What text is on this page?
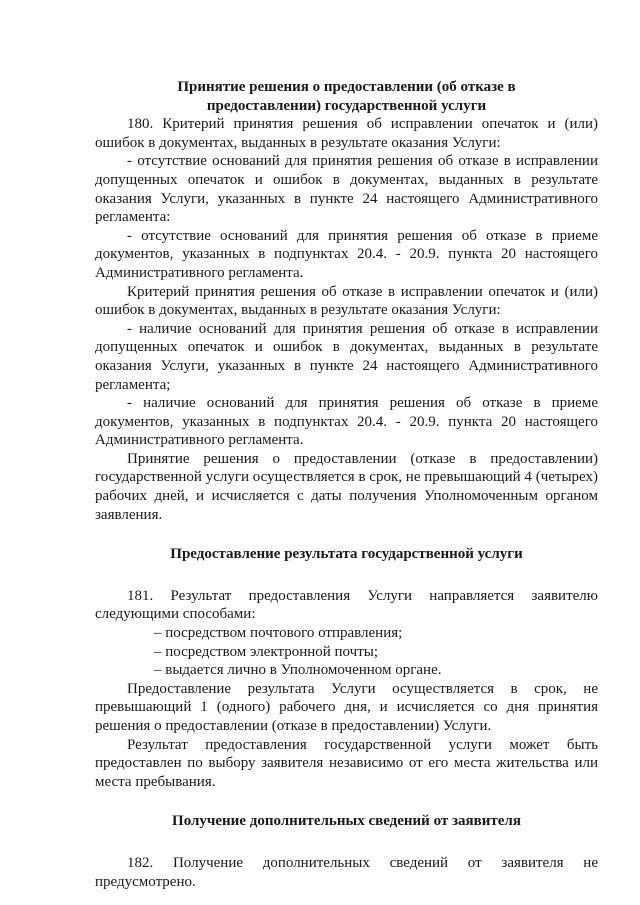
Принятие решения о предоставлении (об отказе в
предоставлении) государственной услуги

180. Критерий принятия решения об исправлении опечаток и (или) ошибок в документах, выданных в результате оказания Услуги:

- отсутствие оснований для принятия решения об отказе в исправлении допущенных опечаток и ошибок в документах, выданных в результате оказания Услуги, указанных в пункте 24 настоящего Административного регламента:

- отсутствие оснований для принятия решения об отказе в приеме документов, указанных в подпунктах 20.4. - 20.9. пункта 20 настоящего Административного регламента.

Критерий принятия решения об отказе в исправлении опечаток и (или) ошибок в документах, выданных в результате оказания Услуги:

- наличие оснований для принятия решения об отказе в исправлении допущенных опечаток и ошибок в документах, выданных в результате оказания Услуги, указанных в пункте 24 настоящего Административного регламента;

- наличие оснований для принятия решения об отказе в приеме документов, указанных в подпунктах 20.4. - 20.9. пункта 20 настоящего Административного регламента.

Принятие решения о предоставлении (отказе в предоставлении) государственной услуги осуществляется в срок, не превышающий 4 (четырех) рабочих дней, и исчисляется с даты получения Уполномоченным органом заявления.

Предоставление результата государственной услуги

181. Результат предоставления Услуги направляется заявителю следующими способами:

– посредством почтового отправления;

– посредством электронной почты;

– выдается лично в Уполномоченном органе.

Предоставление результата Услуги осуществляется в срок, не превышающий 1 (одного) рабочего дня, и исчисляется со дня принятия решения о предоставлении (отказе в предоставлении) Услуги.

Результат предоставления государственной услуги может быть предоставлен по выбору заявителя независимо от его места жительства или места пребывания.

Получение дополнительных сведений от заявителя

182. Получение дополнительных сведений от заявителя не предусмотрено.
